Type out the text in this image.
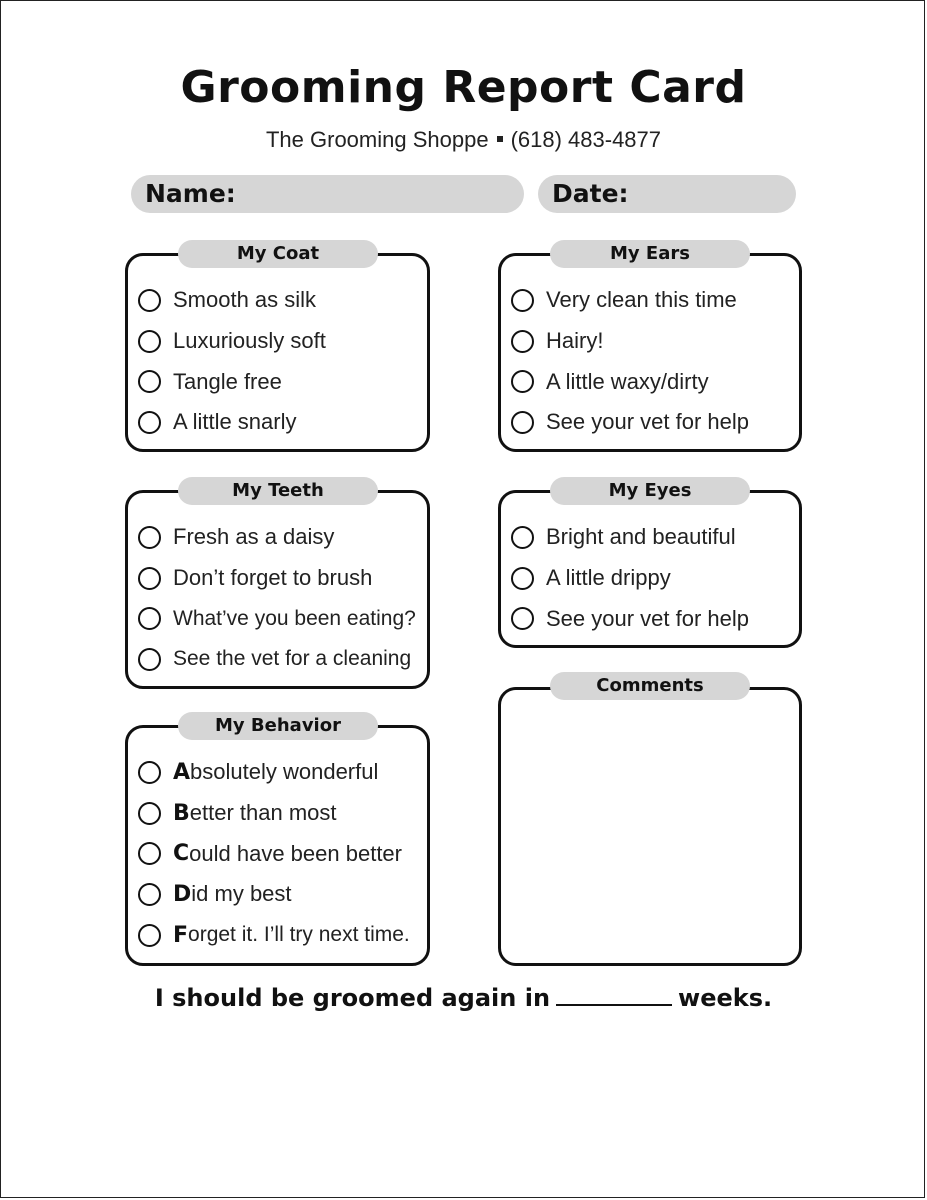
Grooming Report Card
The Grooming Shoppe (618) 483-4877
Name:	Date:
My Coat
Smooth as silk
Luxuriously soft
Tangle free
A little snarly
My Ears
Very clean this time
Hairy!
A little waxy/dirty
See your vet for help
My Teeth
Fresh as a daisy
Don’t forget to brush
What’ve you been eating?
See the vet for a cleaning
My Eyes
Bright and beautiful
A little drippy
See your vet for help
Comments
My Behavior
A bsolutely wonderful
B etter than most
C ould have been better
D id my best
F orget it. I’ll try next time.
I should be groomed again in	weeks.
